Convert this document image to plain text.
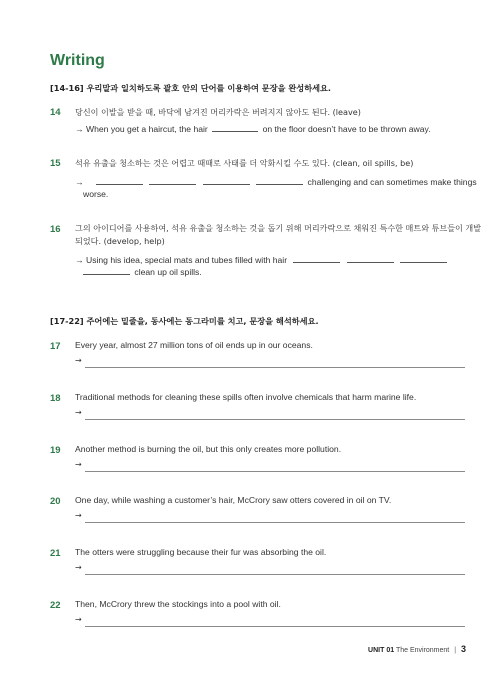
Writing
[14-16] 우리말과 일치하도록 괄호 안의 단어를 이용하여 문장을 완성하세요.
14 당신이 이발을 받을 때, 바닥에 남겨진 머리카락은 버려지지 않아도 된다. (leave)
→ When you get a haircut, the hair	on the floor doesn’t have to be thrown away.
15 석유 유출을 청소하는 것은 어렵고 때때로 사태를 더 악화시킬 수도 있다. (clean, oil spills, be)
→	challenging and can sometimes make things
worse.
16 그의 아이디어를 사용하여, 석유 유출을 청소하는 것을 돕기 위해 머리카락으로 채워진 특수한 매트와 튜브들이 개발
되었다. (develop, help)
→ Using his idea, special mats and tubes filled with hair
clean up oil spills.
[17-22] 주어에는 밑줄을, 동사에는 동그라미를 치고, 문장을 해석하세요.
17 Every year, almost 27 million tons of oil ends up in our oceans.
→
18 Traditional methods for cleaning these spills often involve chemicals that harm marine life.
→
19 Another method is burning the oil, but this only creates more pollution.
→
20 One day, while washing a customer’s hair, McCrory saw otters covered in oil on TV.
→
21 The otters were struggling because their fur was absorbing the oil.
→
22 Then, McCrory threw the stockings into a pool with oil.
→
UNIT 01 The Environment | 3
